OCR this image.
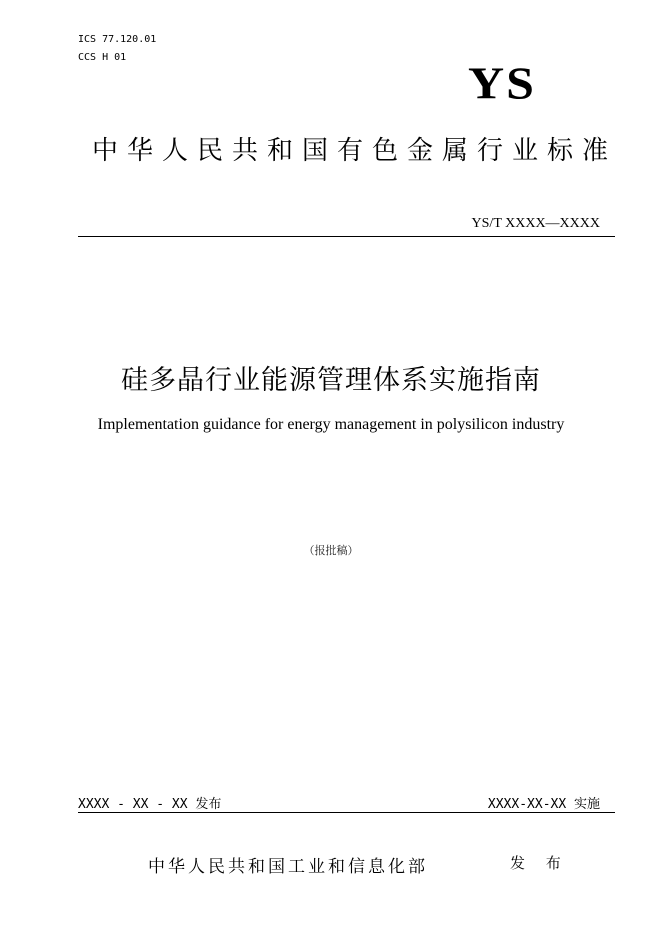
ICS 77.120.01
CCS H 01	YS
中华人民共和国有色金属行业标准
YS/T XXXX—XXXX
硅多晶行业能源管理体系实施指南
Implementation guidance for energy management in polysilicon industry
（报批稿）
XXXX - XX - XX 发布	XXXX-XX-XX 实施
中华人民共和国工业和信息化部	发 布
